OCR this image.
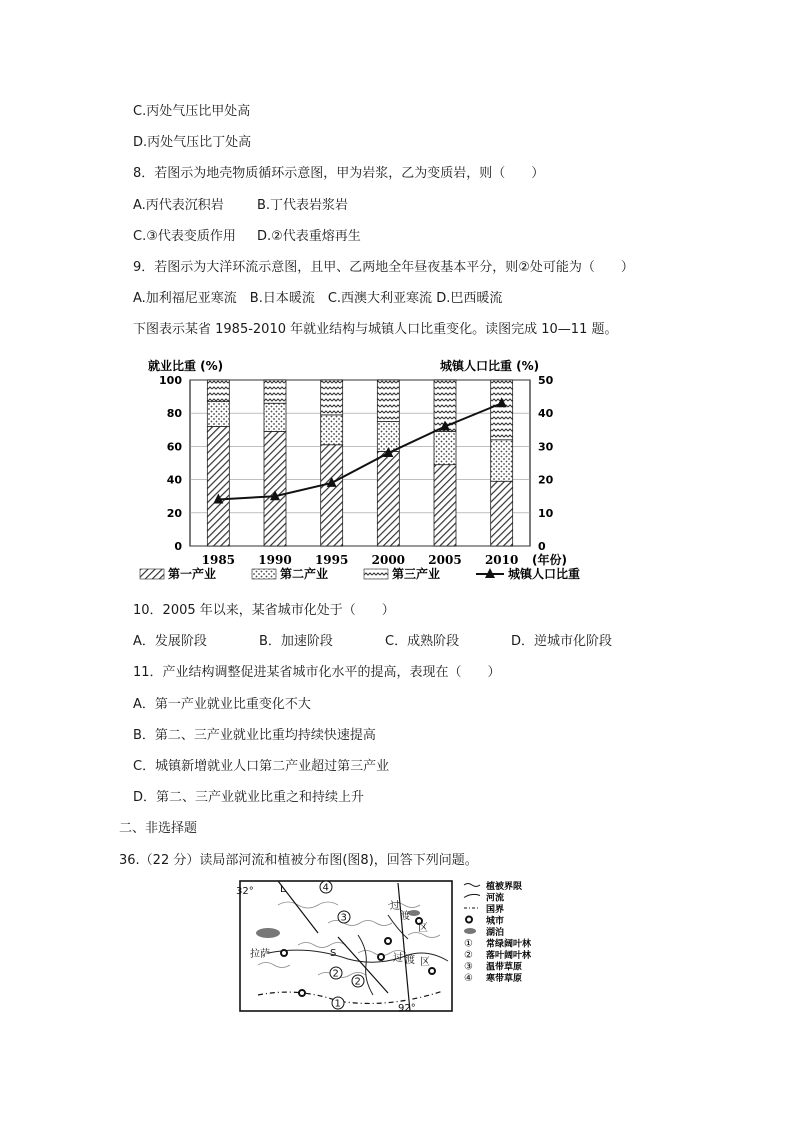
C.丙处气压比甲处高
D.丙处气压比丁处高
8．若图示为地壳物质循环示意图，甲为岩浆，乙为变质岩，则（　　）
A.丙代表沉积岩	B.丁代表岩浆岩
C.③代表变质作用 D.②代表重熔再生
9．若图示为大洋环流示意图，且甲、乙两地全年昼夜基本平分，则②处可能为（　　）
A.加利福尼亚寒流　B.日本暖流　C.西澳大利亚寒流 D.巴西暖流
下图表示某省 1985-2010 年就业结构与城镇人口比重变化。读图完成 10—11 题。
0
20
40
60
80
100
0
10
20
30
40
50
就业比重 (%)	城镇人口比重 (%)
1985 1990 1995 2000 2005 2010 (年份)
第一产业	第二产业	第三产业	城镇人口比重
10．2005 年以来，某省城市化处于（　　）
A．发展阶段	B．加速阶段	C．成熟阶段	D．逆城市化阶段
11．产业结构调整促进某省城市化水平的提高，表现在（　　）
A．第一产业就业比重变化不大
B．第二、三产业就业比重均持续快速提高
C．城镇新增就业人口第二产业超过第三产业
D．第二、三产业就业比重之和持续上升
二、非选择题
36.（22 分）读局部河流和植被分布图(图8)，回答下列问题。
32°	L
S
拉萨
92°
过
渡
区
过 渡 区
4
3
2
2
1
植被界限
河流
国界
城市
湖泊
① 常绿阔叶林
② 落叶阔叶林
③ 温带草原
④ 寒带草原
